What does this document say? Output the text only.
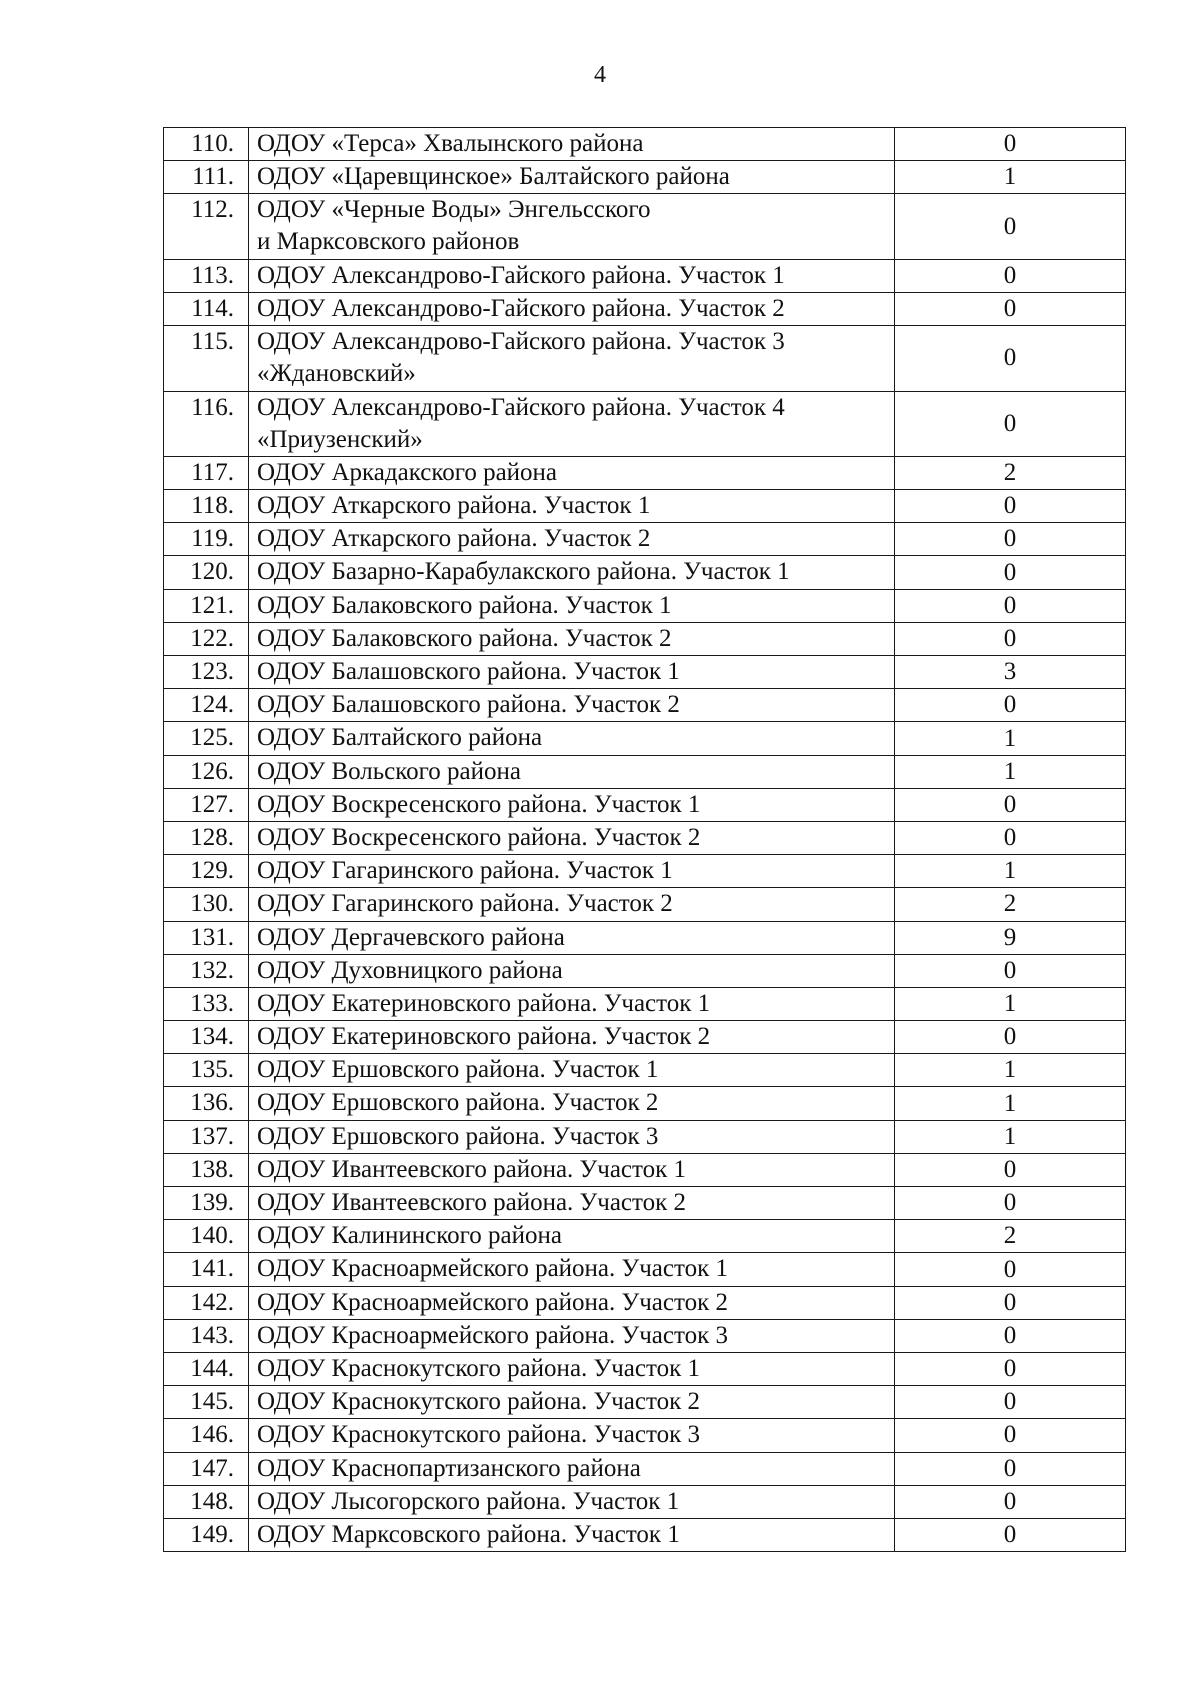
4
110.	ОДОУ «Терса» Хвалынского района	0
111.	ОДОУ «Царевщинское» Балтайского района	1
112.	ОДОУ «Черные Воды» Энгельсского
и Марксовского районов	0
113.	ОДОУ Александрово-Гайского района. Участок 1	0
114.	ОДОУ Александрово-Гайского района. Участок 2	0
115.	ОДОУ Александрово-Гайского района. Участок 3
«Ждановский»	0
116.	ОДОУ Александрово-Гайского района. Участок 4
«Приузенский»	0
117.	ОДОУ Аркадакского района	2
118.	ОДОУ Аткарского района. Участок 1	0
119.	ОДОУ Аткарского района. Участок 2	0
120.	ОДОУ Базарно-Карабулакского района. Участок 1	0
121.	ОДОУ Балаковского района. Участок 1	0
122.	ОДОУ Балаковского района. Участок 2	0
123.	ОДОУ Балашовского района. Участок 1	3
124.	ОДОУ Балашовского района. Участок 2	0
125.	ОДОУ Балтайского района	1
126.	ОДОУ Вольского района	1
127.	ОДОУ Воскресенского района. Участок 1	0
128.	ОДОУ Воскресенского района. Участок 2	0
129.	ОДОУ Гагаринского района. Участок 1	1
130.	ОДОУ Гагаринского района. Участок 2	2
131.	ОДОУ Дергачевского района	9
132.	ОДОУ Духовницкого района	0
133.	ОДОУ Екатериновского района. Участок 1	1
134.	ОДОУ Екатериновского района. Участок 2	0
135.	ОДОУ Ершовского района. Участок 1	1
136.	ОДОУ Ершовского района. Участок 2	1
137.	ОДОУ Ершовского района. Участок 3	1
138.	ОДОУ Ивантеевского района. Участок 1	0
139.	ОДОУ Ивантеевского района. Участок 2	0
140.	ОДОУ Калининского района	2
141.	ОДОУ Красноармейского района. Участок 1	0
142.	ОДОУ Красноармейского района. Участок 2	0
143.	ОДОУ Красноармейского района. Участок 3	0
144.	ОДОУ Краснокутского района. Участок 1	0
145.	ОДОУ Краснокутского района. Участок 2	0
146.	ОДОУ Краснокутского района. Участок 3	0
147.	ОДОУ Краснопартизанского района	0
148.	ОДОУ Лысогорского района. Участок 1	0
149.	ОДОУ Марксовского района. Участок 1	0
